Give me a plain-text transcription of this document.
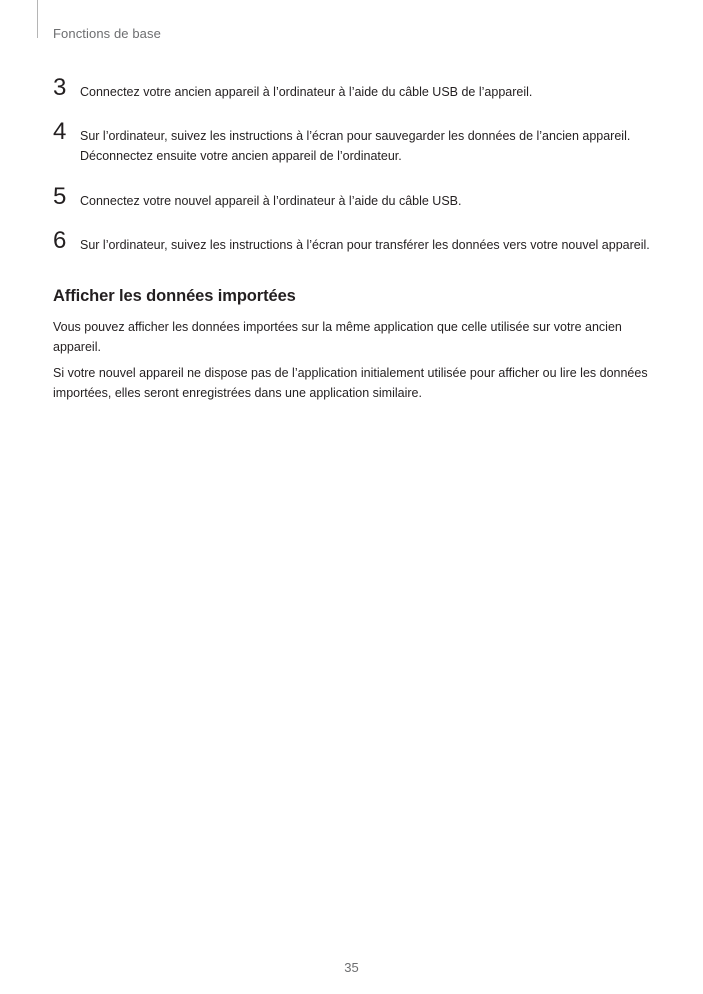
Fonctions de base
3 Connectez votre ancien appareil à l’ordinateur à l’aide du câble USB de l’appareil.
4 Sur l’ordinateur, suivez les instructions à l’écran pour sauvegarder les données de l’ancien appareil. Déconnectez ensuite votre ancien appareil de l’ordinateur.
5 Connectez votre nouvel appareil à l’ordinateur à l’aide du câble USB.
6 Sur l’ordinateur, suivez les instructions à l’écran pour transférer les données vers votre nouvel appareil.
Afficher les données importées

Vous pouvez afficher les données importées sur la même application que celle utilisée sur votre ancien appareil.

Si votre nouvel appareil ne dispose pas de l’application initialement utilisée pour afficher ou lire les données importées, elles seront enregistrées dans une application similaire.

35
